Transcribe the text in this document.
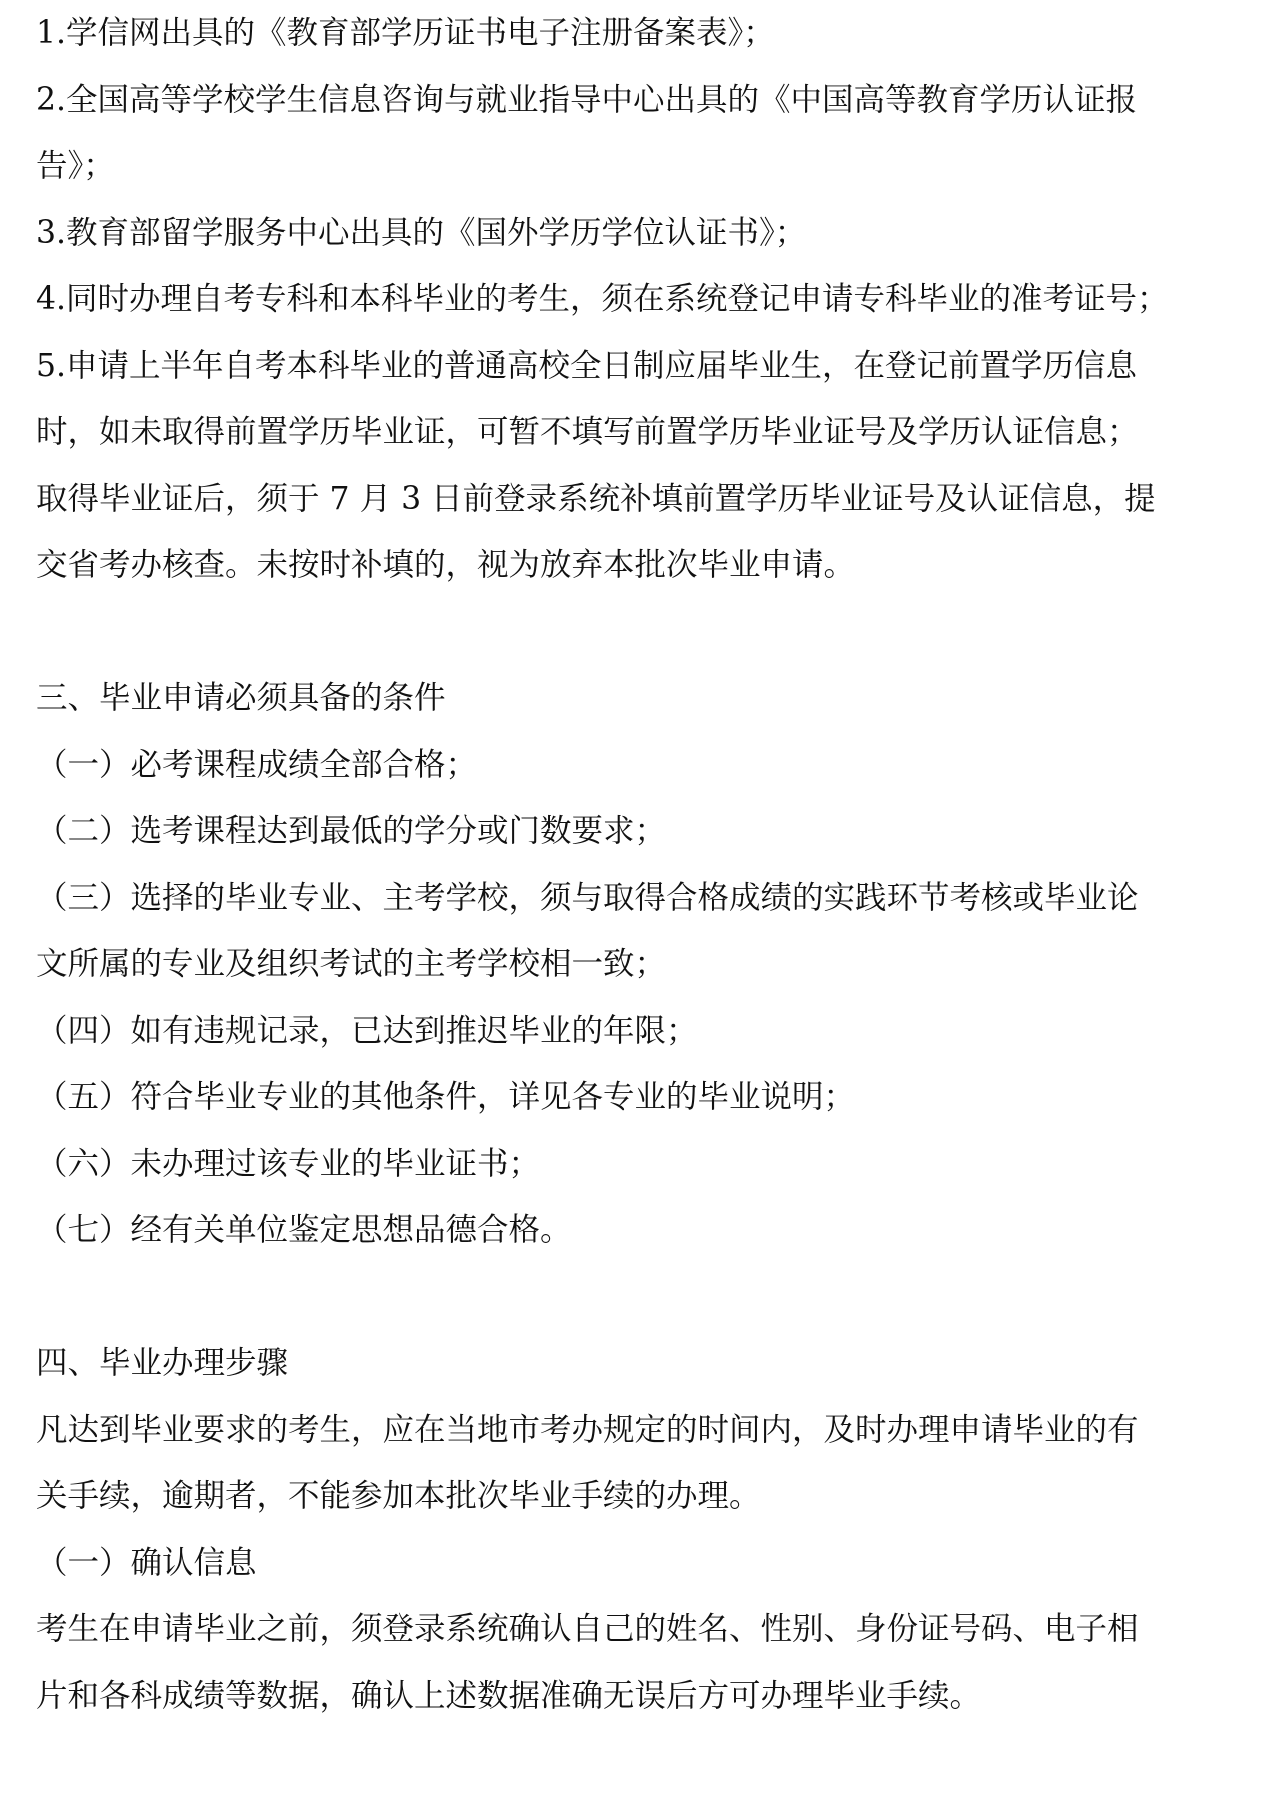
1.学信网出具的《教育部学历证书电子注册备案表》；
2.全国高等学校学生信息咨询与就业指导中心出具的《中国高等教育学历认证报
告》；
3.教育部留学服务中心出具的《国外学历学位认证书》；
4.同时办理自考专科和本科毕业的考生，须在系统登记申请专科毕业的准考证号；
5.申请上半年自考本科毕业的普通高校全日制应届毕业生，在登记前置学历信息
时，如未取得前置学历毕业证，可暂不填写前置学历毕业证号及学历认证信息；
取得毕业证后，须于 7 月 3 日前登录系统补填前置学历毕业证号及认证信息，提
交省考办核查。未按时补填的，视为放弃本批次毕业申请。
三、毕业申请必须具备的条件
（一）必考课程成绩全部合格；
（二）选考课程达到最低的学分或门数要求；
（三）选择的毕业专业、主考学校，须与取得合格成绩的实践环节考核或毕业论
文所属的专业及组织考试的主考学校相一致；
（四）如有违规记录，已达到推迟毕业的年限；
（五）符合毕业专业的其他条件，详见各专业的毕业说明；
（六）未办理过该专业的毕业证书；
（七）经有关单位鉴定思想品德合格。
四、毕业办理步骤
凡达到毕业要求的考生，应在当地市考办规定的时间内，及时办理申请毕业的有
关手续，逾期者，不能参加本批次毕业手续的办理。
（一）确认信息
考生在申请毕业之前，须登录系统确认自己的姓名、性别、身份证号码、电子相
片和各科成绩等数据，确认上述数据准确无误后方可办理毕业手续。
